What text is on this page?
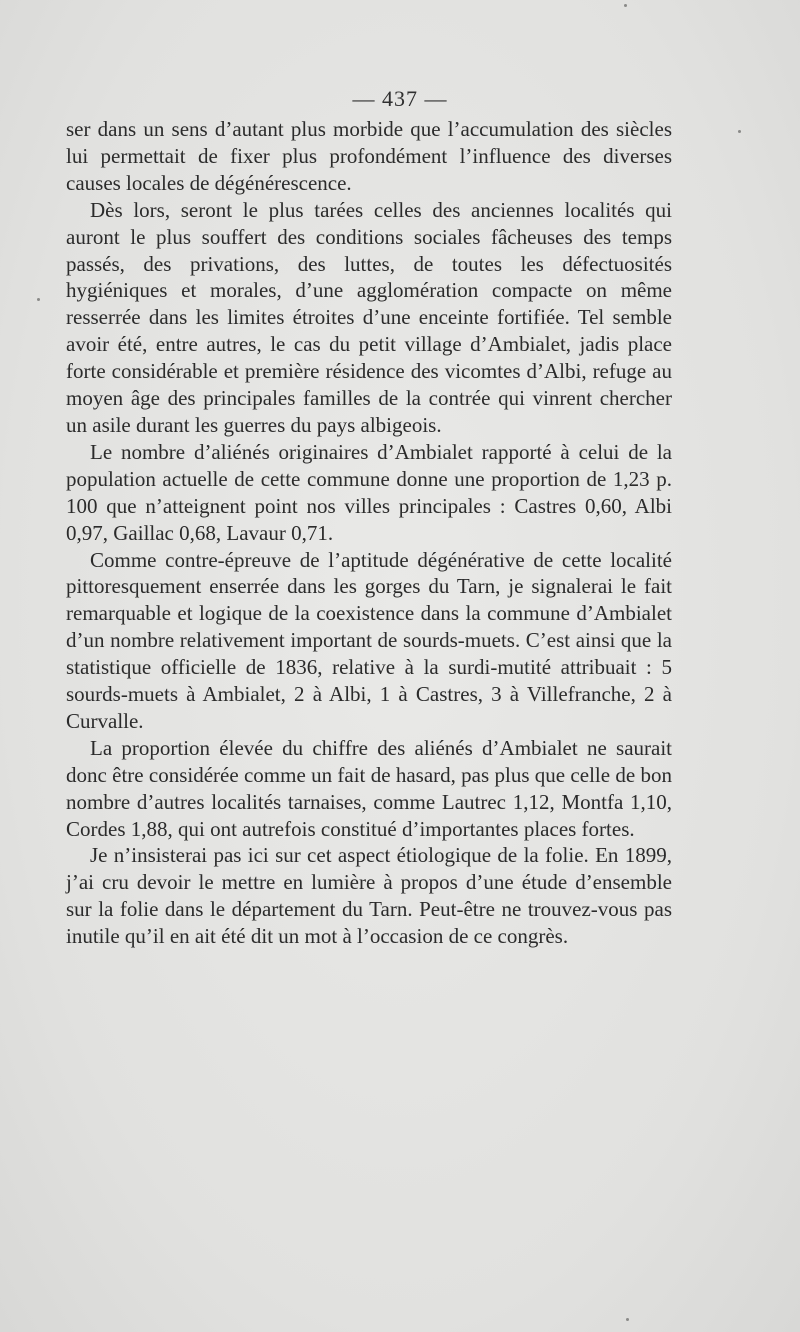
— 437 —

ser dans un sens d’autant plus morbide que l’accumulation des siècles lui permettait de fixer plus profondément l’influence des diverses causes locales de dégénérescence.

Dès lors, seront le plus tarées celles des anciennes localités qui auront le plus souffert des conditions sociales fâcheuses des temps passés, des privations, des luttes, de toutes les défectuosités hygiéniques et morales, d’une agglomération compacte on même resserrée dans les limites étroites d’une enceinte fortifiée. Tel semble avoir été, entre autres, le cas du petit village d’Ambialet, jadis place forte considérable et première résidence des vicomtes d’Albi, refuge au moyen âge des principales familles de la contrée qui vinrent chercher un asile durant les guerres du pays albigeois.

Le nombre d’aliénés originaires d’Ambialet rapporté à celui de la population actuelle de cette commune donne une proportion de 1,23 p. 100 que n’atteignent point nos villes principales : Castres 0,60, Albi 0,97, Gaillac 0,68, Lavaur 0,71.

Comme contre-épreuve de l’aptitude dégénérative de cette localité pittoresquement enserrée dans les gorges du Tarn, je signalerai le fait remarquable et logique de la coexistence dans la commune d’Ambialet d’un nombre relativement important de sourds-muets. C’est ainsi que la statistique officielle de 1836, relative à la surdi-mutité attribuait : 5 sourds-muets à Ambialet, 2 à Albi, 1 à Castres, 3 à Villefranche, 2 à Curvalle.

La proportion élevée du chiffre des aliénés d’Ambialet ne saurait donc être considérée comme un fait de hasard, pas plus que celle de bon nombre d’autres localités tarnaises, comme Lautrec 1,12, Montfa 1,10, Cordes 1,88, qui ont autrefois constitué d’importantes places fortes.

Je n’insisterai pas ici sur cet aspect étiologique de la folie. En 1899, j’ai cru devoir le mettre en lumière à propos d’une étude d’ensemble sur la folie dans le département du Tarn. Peut-être ne trouvez-vous pas inutile qu’il en ait été dit un mot à l’occasion de ce congrès.
